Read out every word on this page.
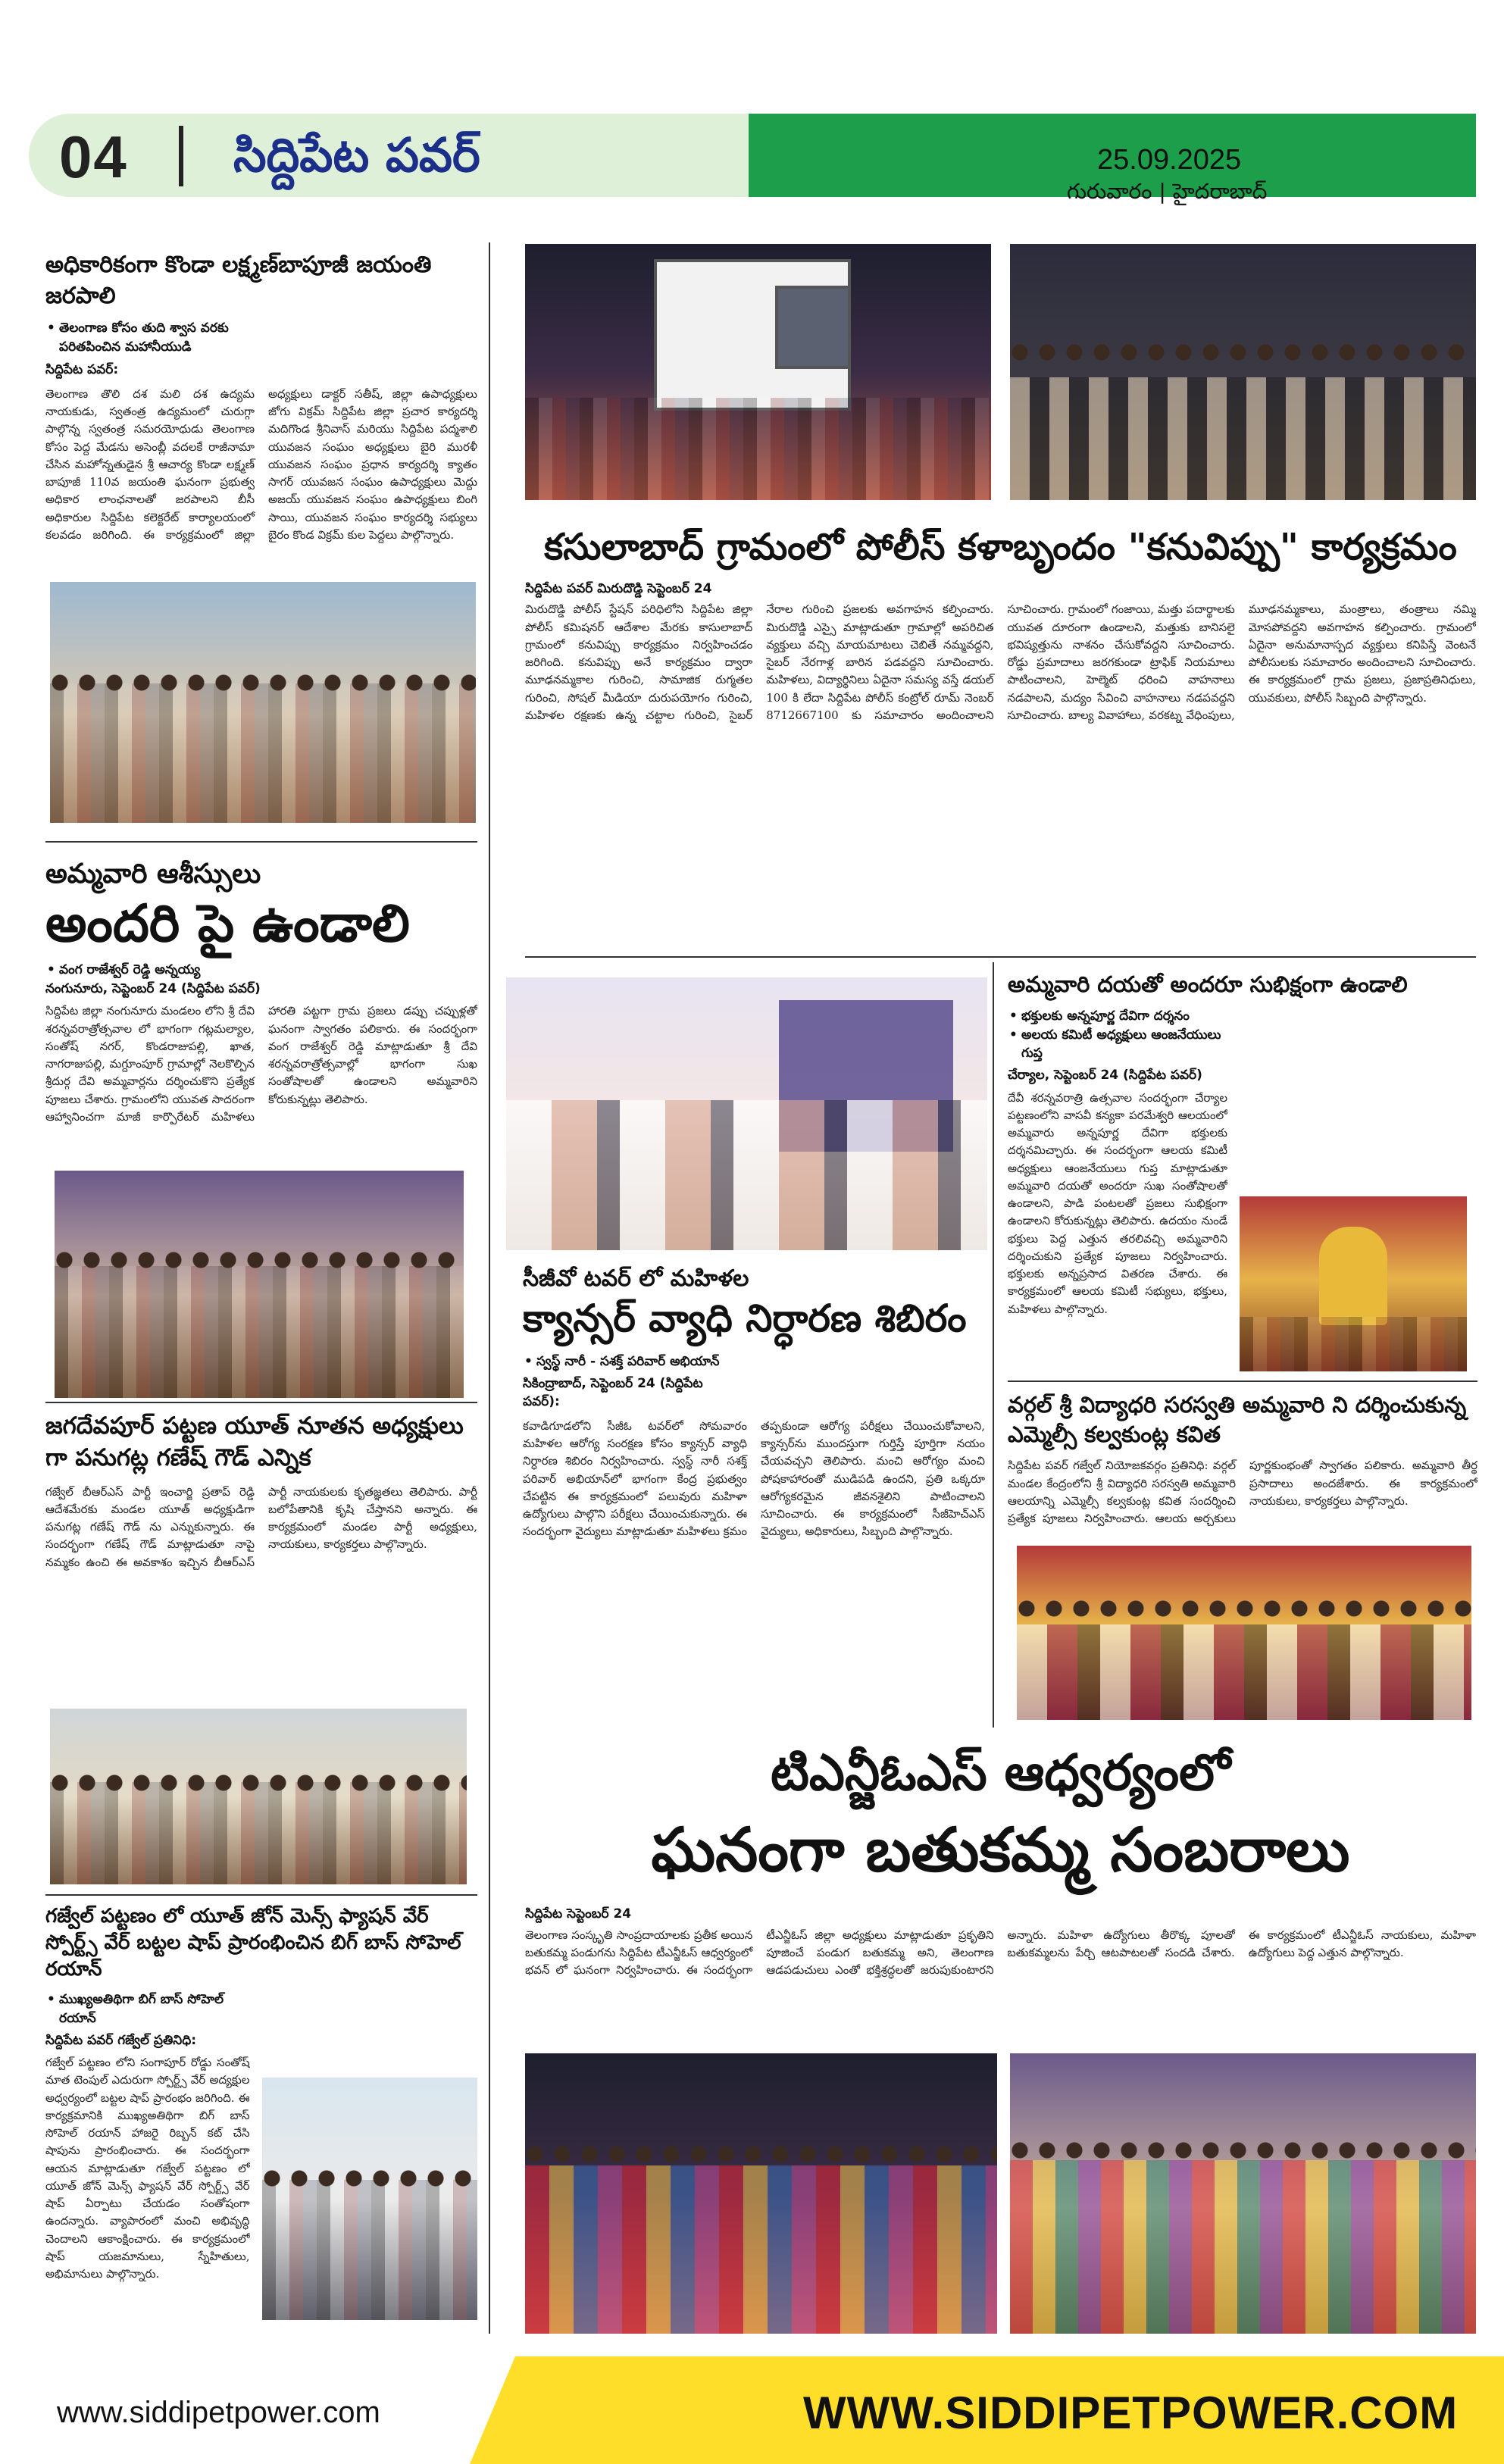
04 సిద్దిపేట పవర్	25.09.2025
గురువారం | హైదరాబాద్
అధికారికంగా కొండా లక్ష్మణ్‌బాపూజీ జయంతి జరపాలి
• తెలంగాణ కోసం తుది శ్వాస వరకు పరితపించిన మహానీయుడి
సిద్దిపేట పవర్:
తెలంగాణ తొలి దశ మలి దశ ఉద్యమ నాయకుడు, స్వతంత్ర ఉద్యమంలో చురుగ్గా పాల్గొన్న స్వతంత్ర సమరయోధుడు తెలంగాణ కోసం పెద్ద మేడను అసెంబ్లీ వదలకే రాజీనామా చేసిన మహోన్నతుడైన శ్రీ ఆచార్య కొండా లక్ష్మణ్ బాపూజీ 110వ జయంతి ఘనంగా ప్రభుత్వ అధికార లాంఛనాలతో జరపాలని బీసీ అధికారుల సిద్దిపేట కలెక్టరేట్ కార్యాలయంలో కలవడం జరిగింది. ఈ కార్యక్రమంలో జిల్లా అధ్యక్షులు డాక్టర్ సతీష్, జిల్లా ఉపాధ్యక్షులు జోగు విక్రమ్ సిద్దిపేట జిల్లా ప్రచార కార్యదర్శి మదిగొండ శ్రీనివాస్ మరియు సిద్దిపేట పద్మశాలి యువజన సంఘం అధ్యక్షులు బైరి మురళీ యువజన సంఘం ప్రధాన కార్యదర్శి క్యాతం సాగర్ యువజన సంఘం ఉపాధ్యక్షులు మెద్దు అజయ్ యువజన సంఘం ఉపాధ్యక్షులు బింగి సాయి, యువజన సంఘం కార్యదర్శి సభ్యులు బైరం కొండ విక్రమ్ కుల పెద్దలు పాల్గొన్నారు.
అమ్మవారి ఆశీస్సులు
అందరి పై ఉండాలి
• వంగ రాజేశ్వర్ రెడ్డి అన్నయ్య
నంగునూరు, సెప్టెంబర్ 24 (సిద్దిపేట పవర్)
సిద్దిపేట జిల్లా నంగునూరు మండలం లోని శ్రీ దేవి శరన్నవరాత్రోత్సవాల లో భాగంగా గట్లమల్యాల, సంతోష్ నగర్, కొండరాజుపల్లి, ఖాత, నాగరాజుపల్లి, మగ్దూంపూర్ గ్రామాల్లో నెలకొల్పిన శ్రీదుర్గ దేవి అమ్మవార్లను దర్శించుకొని ప్రత్యేక పూజలు చేశారు. గ్రామంలోని యువత సాదరంగా ఆహ్వానించగా మాజీ కార్పొరేటర్ మహిళలు హారతి పట్టగా గ్రామ ప్రజలు డప్పు చప్పుళ్లతో ఘనంగా స్వాగతం పలికారు. ఈ సందర్భంగా వంగ రాజేశ్వర్ రెడ్డి మాట్లాడుతూ శ్రీ దేవి శరన్నవరాత్రోత్సవాల్లో భాగంగా సుఖ సంతోషాలతో ఉండాలని అమ్మవారిని కోరుకున్నట్లు తెలిపారు.
జగదేవపూర్ పట్టణ యూత్ నూతన అధ్యక్షులు గా పనుగట్ల గణేష్ గౌడ్ ఎన్నిక
గజ్వేల్ బీఆర్ఎస్ పార్టీ ఇంచార్జి ప్రతాప్ రెడ్డి ఆదేశమేరకు మండల యూత్ అధ్యక్షుడిగా పనుగట్ల గణేష్ గౌడ్ ను ఎన్నుకున్నారు. ఈ సందర్భంగా గణేష్ గౌడ్ మాట్లాడుతూ నాపై నమ్మకం ఉంచి ఈ అవకాశం ఇచ్చిన బీఆర్ఎస్ పార్టీ నాయకులకు కృతజ్ఞతలు తెలిపారు. పార్టీ బలోపేతానికి కృషి చేస్తానని అన్నారు. ఈ కార్యక్రమంలో మండల పార్టీ అధ్యక్షులు, నాయకులు, కార్యకర్తలు పాల్గొన్నారు.
గజ్వేల్ పట్టణం లో యూత్ జోన్ మెన్స్ ఫ్యాషన్ వేర్ స్పోర్ట్స్ వేర్ బట్టల షాప్ ప్రారంభించిన బిగ్ బాస్ సోహెల్ రయాన్
• ముఖ్యఅతిథిగా బిగ్ బాస్ సోహెల్ రయాన్
సిద్దిపేట పవర్ గజ్వేల్ ప్రతినిధి:
గజ్వేల్ పట్టణం లోని సంగాపూర్ రోడ్డు సంతోష్ మాత టెంపుల్ ఎదురుగా స్పోర్ట్స్ వేర్ అద్యక్షుల అధ్వర్యంలో బట్టల షాప్ ప్రారంభం జరిగింది. ఈ కార్యక్రమానికి ముఖ్యఅతిథిగా బిగ్ బాస్ సోహెల్ రయాన్ హాజరై రిబ్బన్ కట్ చేసి షాపును ప్రారంభించారు. ఈ సందర్భంగా ఆయన మాట్లాడుతూ గజ్వేల్ పట్టణం లో యూత్ జోన్ మెన్స్ ఫ్యాషన్ వేర్ స్పోర్ట్స్ వేర్ షాప్ ఏర్పాటు చేయడం సంతోషంగా ఉందన్నారు. వ్యాపారంలో మంచి అభివృద్ధి చెందాలని ఆకాంక్షించారు. ఈ కార్యక్రమంలో షాప్ యజమానులు, స్నేహితులు, అభిమానులు పాల్గొన్నారు.
కసులాబాద్ గ్రామంలో పోలీస్ కళాబృందం "కనువిప్పు" కార్యక్రమం
సిద్దిపేట పవర్ మిరుదొడ్డి సెప్టెంబర్ 24
మిరుదొడ్డి పోలీస్ స్టేషన్ పరిధిలోని సిద్దిపేట జిల్లా పోలీస్ కమిషనర్ ఆదేశాల మేరకు కాసులాబాద్ గ్రామంలో కనువిప్పు కార్యక్రమం నిర్వహించడం జరిగింది. కనువిప్పు అనే కార్యక్రమం ద్వారా మూఢనమ్మకాల గురించి, సామాజిక రుగ్మతల గురించి, సోషల్ మీడియా దురుపయోగం గురించి, మహిళల రక్షణకు ఉన్న చట్టాల గురించి, సైబర్ నేరాల గురించి ప్రజలకు అవగాహన కల్పించారు. మిరుదొడ్డి ఎస్సై మాట్లాడుతూ గ్రామాల్లో అపరిచిత వ్యక్తులు వచ్చి మాయమాటలు చెబితే నమ్మవద్దని, సైబర్ నేరగాళ్ల బారిన పడవద్దని సూచించారు. మహిళలు, విద్యార్థినిలు ఏదైనా సమస్య వస్తే డయల్ 100 కి లేదా సిద్దిపేట పోలీస్ కంట్రోల్ రూమ్ నెంబర్ 8712667100 కు సమాచారం అందించాలని సూచించారు. గ్రామంలో గంజాయి, మత్తు పదార్థాలకు యువత దూరంగా ఉండాలని, మత్తుకు బానిసలై భవిష్యత్తును నాశనం చేసుకోవద్దని సూచించారు. రోడ్డు ప్రమాదాలు జరగకుండా ట్రాఫిక్ నియమాలు పాటించాలని, హెల్మెట్ ధరించి వాహనాలు నడపాలని, మద్యం సేవించి వాహనాలు నడపవద్దని సూచించారు. బాల్య వివాహాలు, వరకట్న వేధింపులు, మూఢనమ్మకాలు, మంత్రాలు, తంత్రాలు నమ్మి మోసపోవద్దని అవగాహన కల్పించారు. గ్రామంలో ఏదైనా అనుమానాస్పద వ్యక్తులు కనిపిస్తే వెంటనే పోలీసులకు సమాచారం అందించాలని సూచించారు. ఈ కార్యక్రమంలో గ్రామ ప్రజలు, ప్రజాప్రతినిధులు, యువకులు, పోలీస్ సిబ్బంది పాల్గొన్నారు.
సీజీవో టవర్ లో మహిళల
క్యాన్సర్ వ్యాధి నిర్ధారణ శిబిరం
• స్వస్థ్ నారీ - సశక్త్ పరివార్ అభియాన్
సికింద్రాబాద్, సెప్టెంబర్ 24 (సిద్దిపేట పవర్):
కవాడిగూడలోని సీజీఓ టవర్‌లో సోమవారం మహిళల ఆరోగ్య సంరక్షణ కోసం క్యాన్సర్ వ్యాధి నిర్ధారణ శిబిరం నిర్వహించారు. స్వస్థ్ నారీ సశక్త్ పరివార్ అభియాన్‌లో భాగంగా కేంద్ర ప్రభుత్వం చేపట్టిన ఈ కార్యక్రమంలో పలువురు మహిళా ఉద్యోగులు పాల్గొని పరీక్షలు చేయించుకున్నారు. ఈ సందర్భంగా వైద్యులు మాట్లాడుతూ మహిళలు క్రమం తప్పకుండా ఆరోగ్య పరీక్షలు చేయించుకోవాలని, క్యాన్సర్‌ను ముందస్తుగా గుర్తిస్తే పూర్తిగా నయం చేయవచ్చని తెలిపారు. మంచి ఆరోగ్యం మంచి పోషకాహారంతో ముడిపడి ఉందని, ప్రతి ఒక్కరూ ఆరోగ్యకరమైన జీవనశైలిని పాటించాలని సూచించారు. ఈ కార్యక్రమంలో సీజీహెచ్ఎస్ వైద్యులు, అధికారులు, సిబ్బంది పాల్గొన్నారు.
అమ్మవారి దయతో అందరూ సుభిక్షంగా ఉండాలి
• భక్తులకు అన్నపూర్ణ దేవిగా దర్శనం
• అలయ కమిటీ అధ్యక్షులు ఆంజనేయులు గుప్త
చేర్యాల, సెప్టెంబర్ 24 (సిద్దిపేట పవర్)
దేవీ శరన్నవరాత్రి ఉత్సవాల సందర్భంగా చేర్యాల పట్టణంలోని వాసవీ కన్యకా పరమేశ్వరి ఆలయంలో అమ్మవారు అన్నపూర్ణ దేవిగా భక్తులకు దర్శనమిచ్చారు. ఈ సందర్భంగా ఆలయ కమిటీ అధ్యక్షులు ఆంజనేయులు గుప్త మాట్లాడుతూ అమ్మవారి దయతో అందరూ సుఖ సంతోషాలతో ఉండాలని, పాడి పంటలతో ప్రజలు సుభిక్షంగా ఉండాలని కోరుకున్నట్లు తెలిపారు. ఉదయం నుండే భక్తులు పెద్ద ఎత్తున తరలివచ్చి అమ్మవారిని దర్శించుకుని ప్రత్యేక పూజలు నిర్వహించారు. భక్తులకు అన్నప్రసాద వితరణ చేశారు. ఈ కార్యక్రమంలో ఆలయ కమిటీ సభ్యులు, భక్తులు, మహిళలు పాల్గొన్నారు.
వర్గల్ శ్రీ విద్యాధరి సరస్వతి అమ్మవారి ని దర్శించుకున్న ఎమ్మెల్సీ కల్వకుంట్ల కవిత
సిద్దిపేట పవర్ గజ్వేల్ నియోజకవర్గం ప్రతినిధి: వర్గల్ మండల కేంద్రంలోని శ్రీ విద్యాధరి సరస్వతి అమ్మవారి ఆలయాన్ని ఎమ్మెల్సీ కల్వకుంట్ల కవిత సందర్శించి ప్రత్యేక పూజలు నిర్వహించారు. ఆలయ అర్చకులు పూర్ణకుంభంతో స్వాగతం పలికారు. అమ్మవారి తీర్థ ప్రసాదాలు అందజేశారు. ఈ కార్యక్రమంలో నాయకులు, కార్యకర్తలు పాల్గొన్నారు.
టిఎన్జీఓఎస్ ఆధ్వర్యంలో
ఘనంగా బతుకమ్మ సంబరాలు
సిద్దిపేట సెప్టెంబర్ 24
తెలంగాణ సంస్కృతి సాంప్రదాయాలకు ప్రతీక అయిన బతుకమ్మ పండుగను సిద్దిపేట టీఎన్జీఓస్ ఆధ్వర్యంలో భవన్ లో ఘనంగా నిర్వహించారు. ఈ సందర్భంగా టీఎన్జీఓస్ జిల్లా అధ్యక్షులు మాట్లాడుతూ ప్రకృతిని పూజించే పండుగ బతుకమ్మ అని, తెలంగాణ ఆడపడుచులు ఎంతో భక్తిశ్రద్ధలతో జరుపుకుంటారని అన్నారు. మహిళా ఉద్యోగులు తీరొక్క పూలతో బతుకమ్మలను పేర్చి ఆటపాటలతో సందడి చేశారు. ఈ కార్యక్రమంలో టీఎన్జీఓస్ నాయకులు, మహిళా ఉద్యోగులు పెద్ద ఎత్తున పాల్గొన్నారు.
www.siddipetpower.com	WWW.SIDDIPETPOWER.COM
